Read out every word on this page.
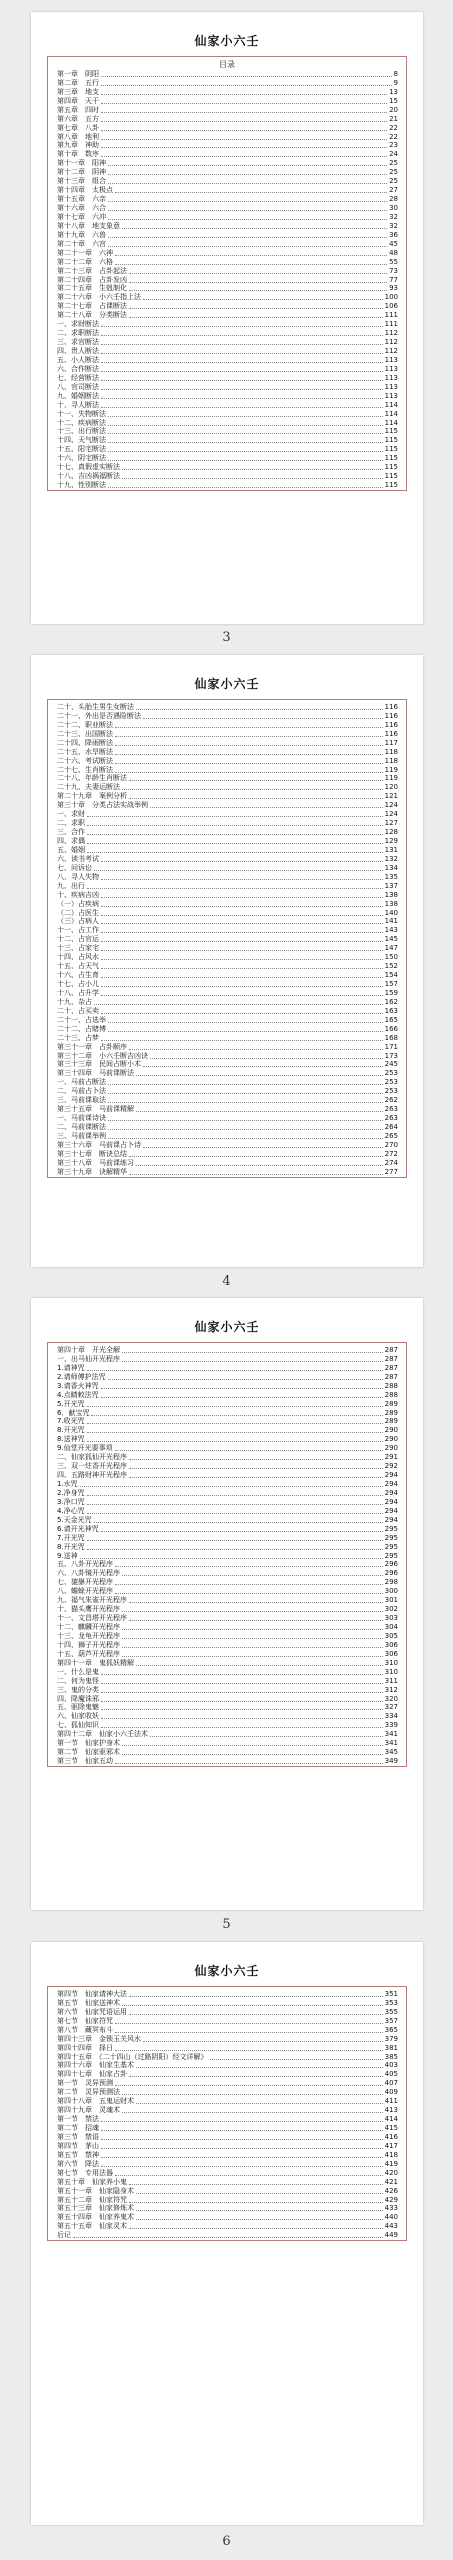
仙家小六壬
目录
第一章　阴阳	8
第二章　五行	9
第三章　地支	13
第四章　天干	15
第五章　四时	20
第六章　五方	21
第七章　八卦	22
第八章　地利	22
第九章　神助	23
第十章　数序	24
第十一章　阳神	25
第十二章　阴神	25
第十三章　组合	25
第十四章　太极点	27
第十五章　六亲	28
第十六章　六合	30
第十七章　六冲	32
第十八章　地支象意	32
第十九章　六兽	36
第二十章　六宫	45
第二十一章　六神	48
第二十二章　六格	55
第二十三章　占卦起法	73
第二十四章　占卦发凶	77
第二十五章　生剋制化	93
第二十六章　小六壬指上法	100
第二十七章　占课断法	106
第二十八章　分类断法	111
一、求财断法	111
二、求职断法	112
三、求官断法	112
四、贵人断法	112
五、小人断法	113
六、合作断法	113
七、经营断法	113
八、官司断法	113
九、婚姻断法	113
十、寻人断法	114
十一、失物断法	114
十二、疾病断法	114
十三、出行断法	115
十四、天气断法	115
十五、阳宅断法	115
十六、阴宅断法	115
十七、真假虚实断法	115
十八、吉凶祸福断法	115
十九、性别断法	115
3
仙家小六壬
二十、头胎生男生女断法	116
二十一、外出是否遇险断法	116
二十二、职业断法	116
二十三、出国断法	116
二十四、降雨断法	117
二十五、水旱断法	118
二十六、考试断法	118
二十七、生肖断法	119
二十八、年龄生肖断法	119
二十九、夫妻运断法	120
第二十九章　案例分析	121
第三十章　分类占法实战举例	124
一、求财	124
二、求职	127
三、合作	128
四、求偶	129
五、婚姻	131
六、读书考试	132
七、问诉讼	134
八、寻人失物	135
九、出行	137
十、疾病吉凶	138
（一）占疾病	138
（二）占医生	140
（三）占病人	141
十一、占工作	143
十二、占官运	145
十三、占家宅	147
十四、占风水	150
十五、占天气	152
十六、占生育	154
十七、占小儿	157
十八、占升学	159
十九、杂占	162
二十、占买卖	163
二十一、占选举	165
二十二、占赌博	166
二十三、占梦	168
第三十一章　占卦顺序	171
第三十二章　小六壬断吉凶诀	173
第三十三章　民间占断小术	245
第三十四章　马前课断法	253
一、马前占断法	253
二、马前占卜法	253
三、马前课取法	262
第三十五章　马前课精解	263
一、马前课诗诀	263
二、马前课断法	264
三、马前课举例	265
第三十六章　马前课占卜诗	270
第三十七章　断诀总结	272
第三十八章　马前课练习	274
第三十九章　诀解精华	277
4
仙家小六壬
第四十章　开光全解	287
一、出马仙开光程序	287
1.请神咒	287
2.请师傅护法咒	287
3.请香火神咒	288
4.点睛敕法咒	288
5.开光咒	289
6．献宝咒	289
7.收光咒	289
8.开光咒	290
8.送神咒	290
9.仙堂开光要事项	290
二、仙家狐仙开光程序	291
三、双一炷香开光程序	292
四、五路财神开光程序	294
1.水咒	294
2.净身咒	294
3.净口咒	294
4.净心咒	294
5.天金光咒	294
6.请开光神咒	295
7.开光咒	295
8.开光咒	295
9.送神	295
五、八卦开光程序	296
六、八卦镜开光程序	296
七、貔貅开光程序	298
八、蟾蜍开光程序	300
九、福气朱雀开光程序	301
十、猫头鹰开光程序	302
十一、文昌塔开光程序	303
十二、麒麟开光程序	304
十三、龙龟开光程序	305
十四、狮子开光程序	306
十五、葫芦开光程序	306
第四十一章　鬼狐妖精解	310
一、什么是鬼	310
二、何为鬼怪	311
三、鬼的分类	312
四、降魔诛邪	320
五、驱除鬼魅	327
六、仙家收妖	334
七、狐仙知识	339
第四十二章　仙家小六壬法术	341
第一节　仙家护身术	341
第二节　仙家驱邪术	345
第三节　仙家五动	349
5
仙家小六壬
第四节　仙家请神大法	351
第五节　仙家送神术	353
第六节　仙家咒语运用	355
第七节　仙家符咒	357
第八节　藏冥布斗	365
第四十三章　金锁玉关风水	379
第四十四章　择日	381
第四十五章　《二十四山（过路阴阳）经文详解》	385
第四十六章　仙家生基术	403
第四十七章　仙家占卦	405
第一节　灵异预测	407
第二节　灵异预测法	409
第四十八章　五鬼运财术	411
第四十九章　灵魂术	413
第一节　禁法	414
第二节　招魂	415
第三节　禁语	416
第四节　茅山	417
第五节　禁神	418
第六节　降法	419
第七节　专用法器	420
第五十章　仙家养小鬼	421
第五十一章　仙家隐身术	426
第五十二章　仙家符咒	429
第五十三章　仙家修炼术	433
第五十四章　仙家养鬼术	440
第五十五章　仙家灵术	443
后记	449
6
